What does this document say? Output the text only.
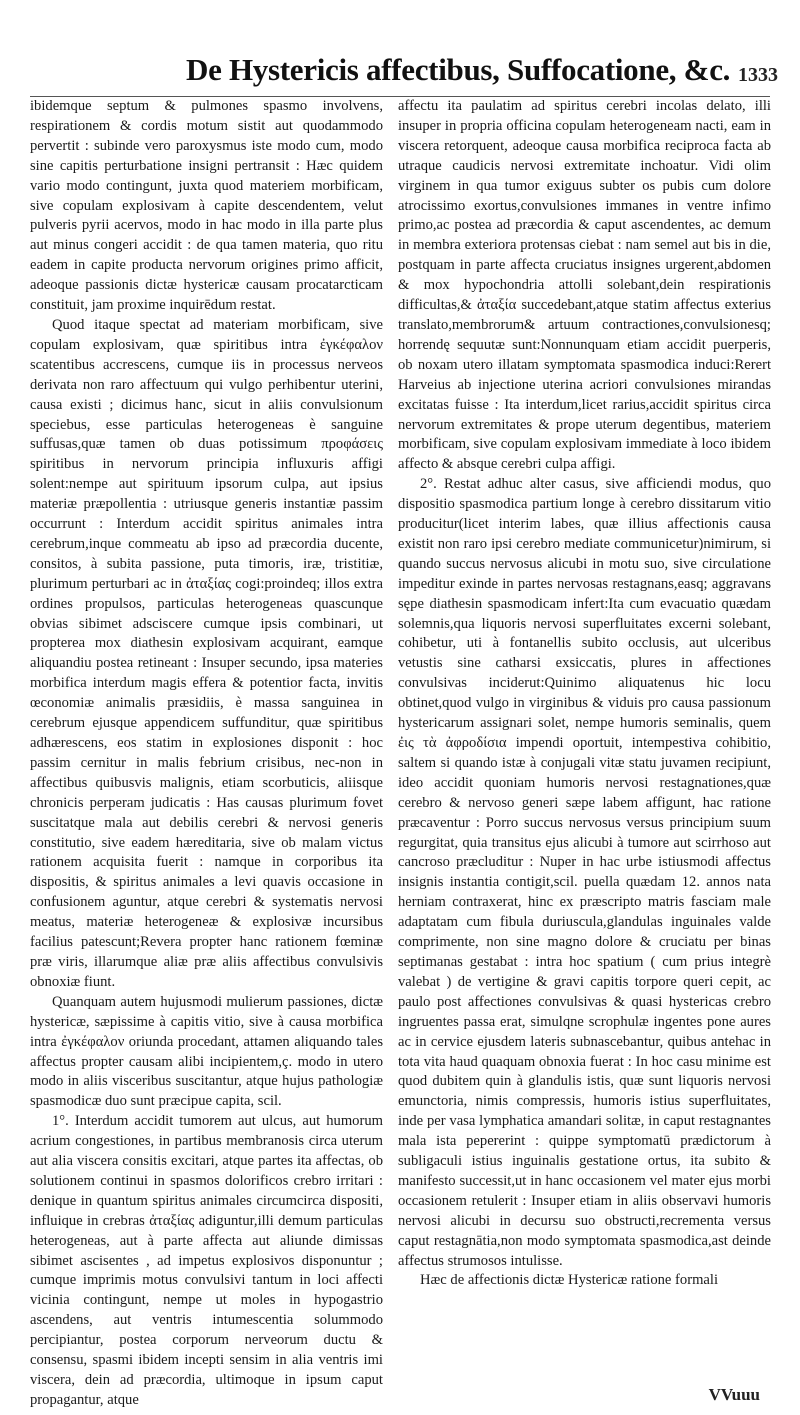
De Hystericis affectibus, Suffocatione, &c. 1333

ibidemque septum & pulmones spasmo involvens, respirationem & cordis motum sistit aut quodammodo pervertit : subinde vero paroxysmus iste modo cum, modo sine capitis perturbatione insigni pertransit : Hæc quidem vario modo contingunt, juxta quod materiem morbificam, sive copulam explosivam à capite descendentem, velut pulveris pyrii acervos, modo in hac modo in illa parte plus aut minus congeri accidit : de qua tamen materia, quo ritu eadem in capite producta nervorum origines primo afficit, adeoque passionis dictæ hystericæ causam procatarcticam constituit, jam proxime inquirēdum restat.

Quod itaque spectat ad materiam morbificam, sive copulam explosivam, quæ spiritibus intra ἐγκέφαλον scatentibus accrescens, cumque iis in processus nerveos derivata non raro affectuum qui vulgo perhibentur uterini, causa existi ; dicimus hanc, sicut in aliis convulsionum speciebus, esse particulas heterogeneas è sanguine suffusas,quæ tamen ob duas potissimum προφάσεις spiritibus in nervorum principia influxuris affigi solent:nempe aut spirituum ipsorum culpa, aut ipsius materiæ præpollentia : utriusque generis instantiæ passim occurrunt : Interdum accidit spiritus animales intra cerebrum,inque commeatu ab ipso ad præcordia ducente, consitos, à subita passione, puta timoris, iræ, tristitiæ, plurimum perturbari ac in ἀταξίας cogi:proindeq; illos extra ordines propulsos, particulas heterogeneas quascunque obvias sibimet adsciscere cumque ipsis combinari, ut propterea mox diathesin explosivam acquirant, eamque aliquandiu postea retineant : Insuper secundo, ipsa materies morbifica interdum magis effera & potentior facta, invitis œconomiæ animalis præsidiis, è massa sanguinea in cerebrum ejusque appendicem suffunditur, quæ spiritibus adhærescens, eos statim in explosiones disponit : hoc passim cernitur in malis febrium crisibus, nec-non in affectibus quibusvis malignis, etiam scorbuticis, aliisque chronicis perperam judicatis : Has causas plurimum fovet suscitatque mala aut debilis cerebri & nervosi generis constitutio, sive eadem hæreditaria, sive ob malam victus rationem acquisita fuerit : namque in corporibus ita dispositis, & spiritus animales a levi quavis occasione in confusionem aguntur, atque cerebri & systematis nervosi meatus, materiæ heterogeneæ & explosivæ incursibus facilius patescunt;Revera propter hanc rationem fœminæ præ viris, illarumque aliæ præ aliis affectibus convulsivis obnoxiæ fiunt.

Quanquam autem hujusmodi mulierum passiones, dictæ hystericæ, sæpissime à capitis vitio, sive à causa morbifica intra ἐγκέφαλον oriunda procedant, attamen aliquando tales affectus propter causam alibi incipientem,ç. modo in utero modo in aliis visceribus suscitantur, atque hujus pathologiæ spasmodicæ duo sunt præcipue capita, scil.

1°. Interdum accidit tumorem aut ulcus, aut humorum acrium congestiones, in partibus membranosis circa uterum aut alia viscera consitis excitari, atque partes ita affectas, ob solutionem continui in spasmos dolorificos crebro irritari : denique in quantum spiritus animales circumcirca dispositi, influique in crebras ἀταξίας adiguntur,illi demum particulas heterogeneas, aut à parte affecta aut aliunde dimissas sibimet ascisentes , ad impetus explosivos disponuntur ; cumque imprimis motus convulsivi tantum in loci affecti vicinia contingunt, nempe ut moles in hypogastrio ascendens, aut ventris intumescentia solummodo percipiantur, postea corporum nerveorum ductu & consensu, spasmi ibidem incepti sensim in alia ventris imi viscera, dein ad præcordia, ultimoque in ipsum caput propagantur, atque

affectu ita paulatim ad spiritus cerebri incolas delato, illi insuper in propria officina copulam heterogeneam nacti, eam in viscera retorquent, adeoque causa morbifica reciproca facta ab utraque caudicis nervosi extremitate inchoatur. Vidi olim virginem in qua tumor exiguus subter os pubis cum dolore atrocissimo exortus,convulsiones immanes in ventre infimo primo,ac postea ad præcordia & caput ascendentes, ac demum in membra exteriora protensas ciebat : nam semel aut bis in die, postquam in parte affecta cruciatus insignes urgerent,abdomen & mox hypochondria attolli solebant,dein respirationis difficultas,& ἀταξία succedebant,atque statim affectus exterius translato,membrorum& artuum contractiones,convulsionesq; horrendę sequutæ sunt:Nonnunquam etiam accidit puerperis, ob noxam utero illatam symptomata spasmodica induci:Rerert Harveius ab injectione uterina acriori convulsiones mirandas excitatas fuisse : Ita interdum,licet rarius,accidit spiritus circa nervorum extremitates & prope uterum degentibus, materiem morbificam, sive copulam explosivam immediate à loco ibidem affecto & absque cerebri culpa affigi.

2°. Restat adhuc alter casus, sive afficiendi modus, quo dispositio spasmodica partium longe à cerebro dissitarum vitio producitur(licet interim labes, quæ illius affectionis causa existit non raro ipsi cerebro mediate communicetur)nimirum, si quando succus nervosus alicubi in motu suo, sive circulatione impeditur exinde in partes nervosas restagnans,easq; aggravans sępe diathesin spasmodicam infert:Ita cum evacuatio quædam solemnis,qua liquoris nervosi superfluitates excerni solebant, cohibetur, uti à fontanellis subito occlusis, aut ulceribus vetustis sine catharsi exsiccatis, plures in affectiones convulsivas inciderut:Quinimo aliquatenus hic locu obtinet,quod vulgo in virginibus & viduis pro causa passionum hystericarum assignari solet, nempe humoris seminalis, quem ἐις τὰ ἀφροδίσια impendi oportuit, intempestiva cohibitio, saltem si quando istæ à conjugali vitæ statu juvamen recipiunt, ideo accidit quoniam humoris nervosi restagnationes,quæ cerebro & nervoso generi sæpe labem affigunt, hac ratione præcaventur : Porro succus nervosus versus principium suum regurgitat, quia transitus ejus alicubi à tumore aut scirrhoso aut cancroso præcluditur : Nuper in hac urbe istiusmodi affectus insignis instantia contigit,scil. puella quædam 12. annos nata herniam contraxerat, hinc ex præscripto matris fasciam male adaptatam cum fibula duriuscula,glandulas inguinales valde comprimente, non sine magno dolore & cruciatu per binas septimanas gestabat : intra hoc spatium ( cum prius integrè valebat ) de vertigine & gravi capitis torpore queri cepit, ac paulo post affectiones convulsivas & quasi hystericas crebro ingruentes passa erat, simulqne scrophulæ ingentes pone aures ac in cervice ejusdem lateris subnascebantur, quibus antehac in tota vita haud quaquam obnoxia fuerat : In hoc casu minime est quod dubitem quin à glandulis istis, quæ sunt liquoris nervosi emunctoria, nimis compressis, humoris istius superfluitates, inde per vasa lymphatica amandari solitæ, in caput restagnantes mala ista pepererint : quippe symptomatū prædictorum à subligaculi istius inguinalis gestatione ortus, ita subito & manifesto successit,ut in hanc occasionem vel mater ejus morbi occasionem retulerit : Insuper etiam in aliis observavi humoris nervosi alicubi in decursu suo obstructi,recrementa versus caput restagnātia,non modo symptomata spasmodica,ast deinde affectus strumosos intulisse.

Hæc de affectionis dictæ Hystericæ ratione formali

VVuuu
